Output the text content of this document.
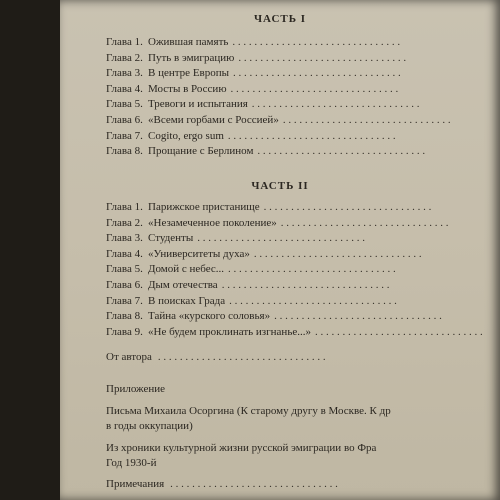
ЧАСТЬ I
Глава 1. Ожившая память . . . . . . . . . . . . . . . . . . . . . . . . . . . . . . .
Глава 2. Путь в эмиграцию . . . . . . . . . . . . . . . . . . . . . . . . . . . . . . .
Глава 3. В центре Европы . . . . . . . . . . . . . . . . . . . . . . . . . . . . . . .
Глава 4. Мосты в Россию . . . . . . . . . . . . . . . . . . . . . . . . . . . . . . .
Глава 5. Тревоги и испытания . . . . . . . . . . . . . . . . . . . . . . . . . . . . . . .
Глава 6. «Всеми горбами с Россией» . . . . . . . . . . . . . . . . . . . . . . . . . . . . . . .
Глава 7. Cogito, ergo sum . . . . . . . . . . . . . . . . . . . . . . . . . . . . . . .
Глава 8. Прощание с Берлином . . . . . . . . . . . . . . . . . . . . . . . . . . . . . . .
ЧАСТЬ II
Глава 1. Парижское пристанище . . . . . . . . . . . . . . . . . . . . . . . . . . . . . . .
Глава 2. «Незамеченное поколение» . . . . . . . . . . . . . . . . . . . . . . . . . . . . . . .
Глава 3. Студенты . . . . . . . . . . . . . . . . . . . . . . . . . . . . . . .
Глава 4. «Университеты духа» . . . . . . . . . . . . . . . . . . . . . . . . . . . . . . .
Глава 5. Домой с небес... . . . . . . . . . . . . . . . . . . . . . . . . . . . . . . .
Глава 6. Дым отечества . . . . . . . . . . . . . . . . . . . . . . . . . . . . . . .
Глава 7. В поисках Града . . . . . . . . . . . . . . . . . . . . . . . . . . . . . . .
Глава 8. Тайна «курского соловья» . . . . . . . . . . . . . . . . . . . . . . . . . . . . . . .
Глава 9. «Не будем проклинать изгнанье...» . . . . . . . . . . . . . . . . . . . . . . . . . . . . . . .
От автора . . . . . . . . . . . . . . . . . . . . . . . . . . . . . . .
Приложение
Письма Михаила Осоргина (К старому другу в Москве. К др
в годы оккупации)
Из хроники культурной жизни русской эмиграции во Фра
Год 1930-й
Примечания . . . . . . . . . . . . . . . . . . . . . . . . . . . . . . .
